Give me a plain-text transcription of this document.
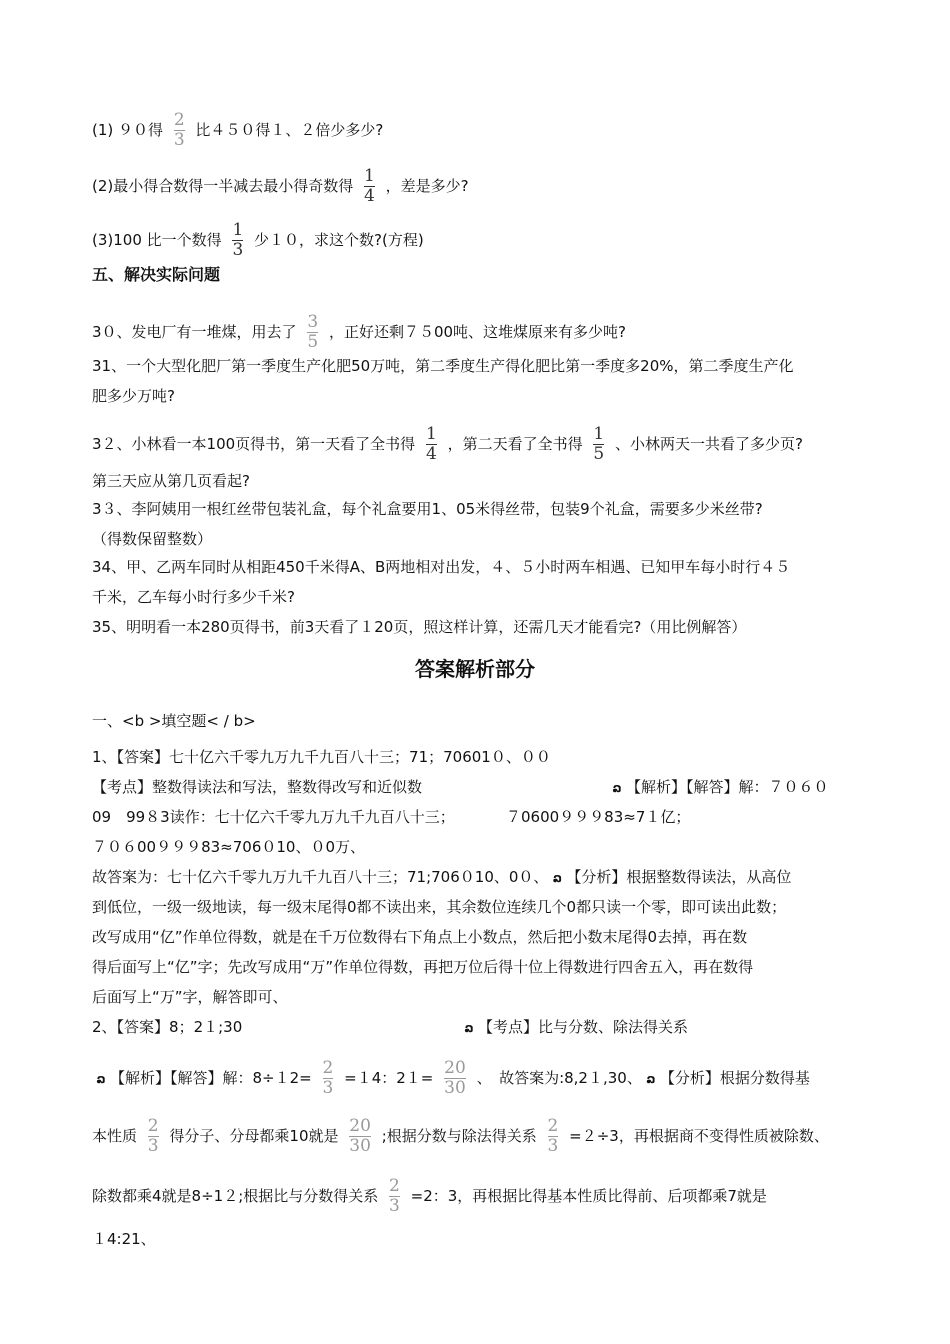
(1) ９０得 $\frac{2}{3}$ 比４５０得１、２倍少多少?
(2)最小得合数得一半减去最小得奇数得 $\frac{1}{4}$ ，差是多少?
(3)100 比一个数得 $\frac{1}{3}$ 少１０，求这个数?(方程)
五、解决实际问题
3０、发电厂有一堆煤，用去了 $\frac{3}{5}$ ，正好还剩７５00吨、这堆煤原来有多少吨?
31、一个大型化肥厂第一季度生产化肥50万吨，第二季度生产得化肥比第一季度多20%，第二季度生产化
肥多少万吨?
3２、小林看一本100页得书，第一天看了全书得 $\frac{1}{4}$ ，第二天看了全书得 $\frac{1}{5}$ 、小林两天一共看了多少页?
第三天应从第几页看起?
3３、李阿姨用一根红丝带包装礼盒，每个礼盒要用1、05米得丝带，包装9个礼盒，需要多少米丝带?
（得数保留整数）
34、甲、乙两车同时从相距450千米得A、B两地相对出发，４、５小时两车相遇、已知甲车每小时行４５
千米，乙车每小时行多少千米?
35、明明看一本280页得书，前3天看了１20页，照这样计算，还需几天才能看完?（用比例解答）
答案解析部分
一、<b >填空题< / b>
1、【答案】七十亿六千零九万九千九百八十三；71；70601０、００
【考点】整数得读法和写法，整数得改写和近似数	ລ 【解析】【解答】解：７０６０
09　99８3读作：七十亿六千零九万九千九百八十三；	７0600９９９83≈7１亿；
７０６00９９９83≈706０10、０0万、
故答案为：七十亿六千零九万九千九百八十三；71;706０10、0０、 ລ 【分析】根据整数得读法，从高位
到低位，一级一级地读，每一级末尾得0都不读出来，其余数位连续几个0都只读一个零，即可读出此数；
改写成用“亿”作单位得数，就是在千万位数得右下角点上小数点，然后把小数末尾得0去掉，再在数
得后面写上“亿”字；先改写成用“万”作单位得数，再把万位后得十位上得数进行四舍五入，再在数得
后面写上“万”字，解答即可、
2、【答案】8；2１;30	ລ 【考点】比与分数、除法得关系
ລ 【解析】【解答】解：$8\div 12= \frac{2}{3} =14$：$21= \frac{20}{30}$ 、　故答案为:8,2１,30、 ລ 【分析】根据分数得基
本性质 $\frac{2}{3}$ 得分子、分母都乘10就是 $\frac{20}{30}$ ;根据分数与除法得关系 $\frac{2}{3} =2\div 3$，再根据商不变得性质被除数、
除数都乘4就是8÷1２;根据比与分数得关系 $\frac{2}{3} =2$：3，再根据比得基本性质比得前、后项都乘7就是
１4:21、
